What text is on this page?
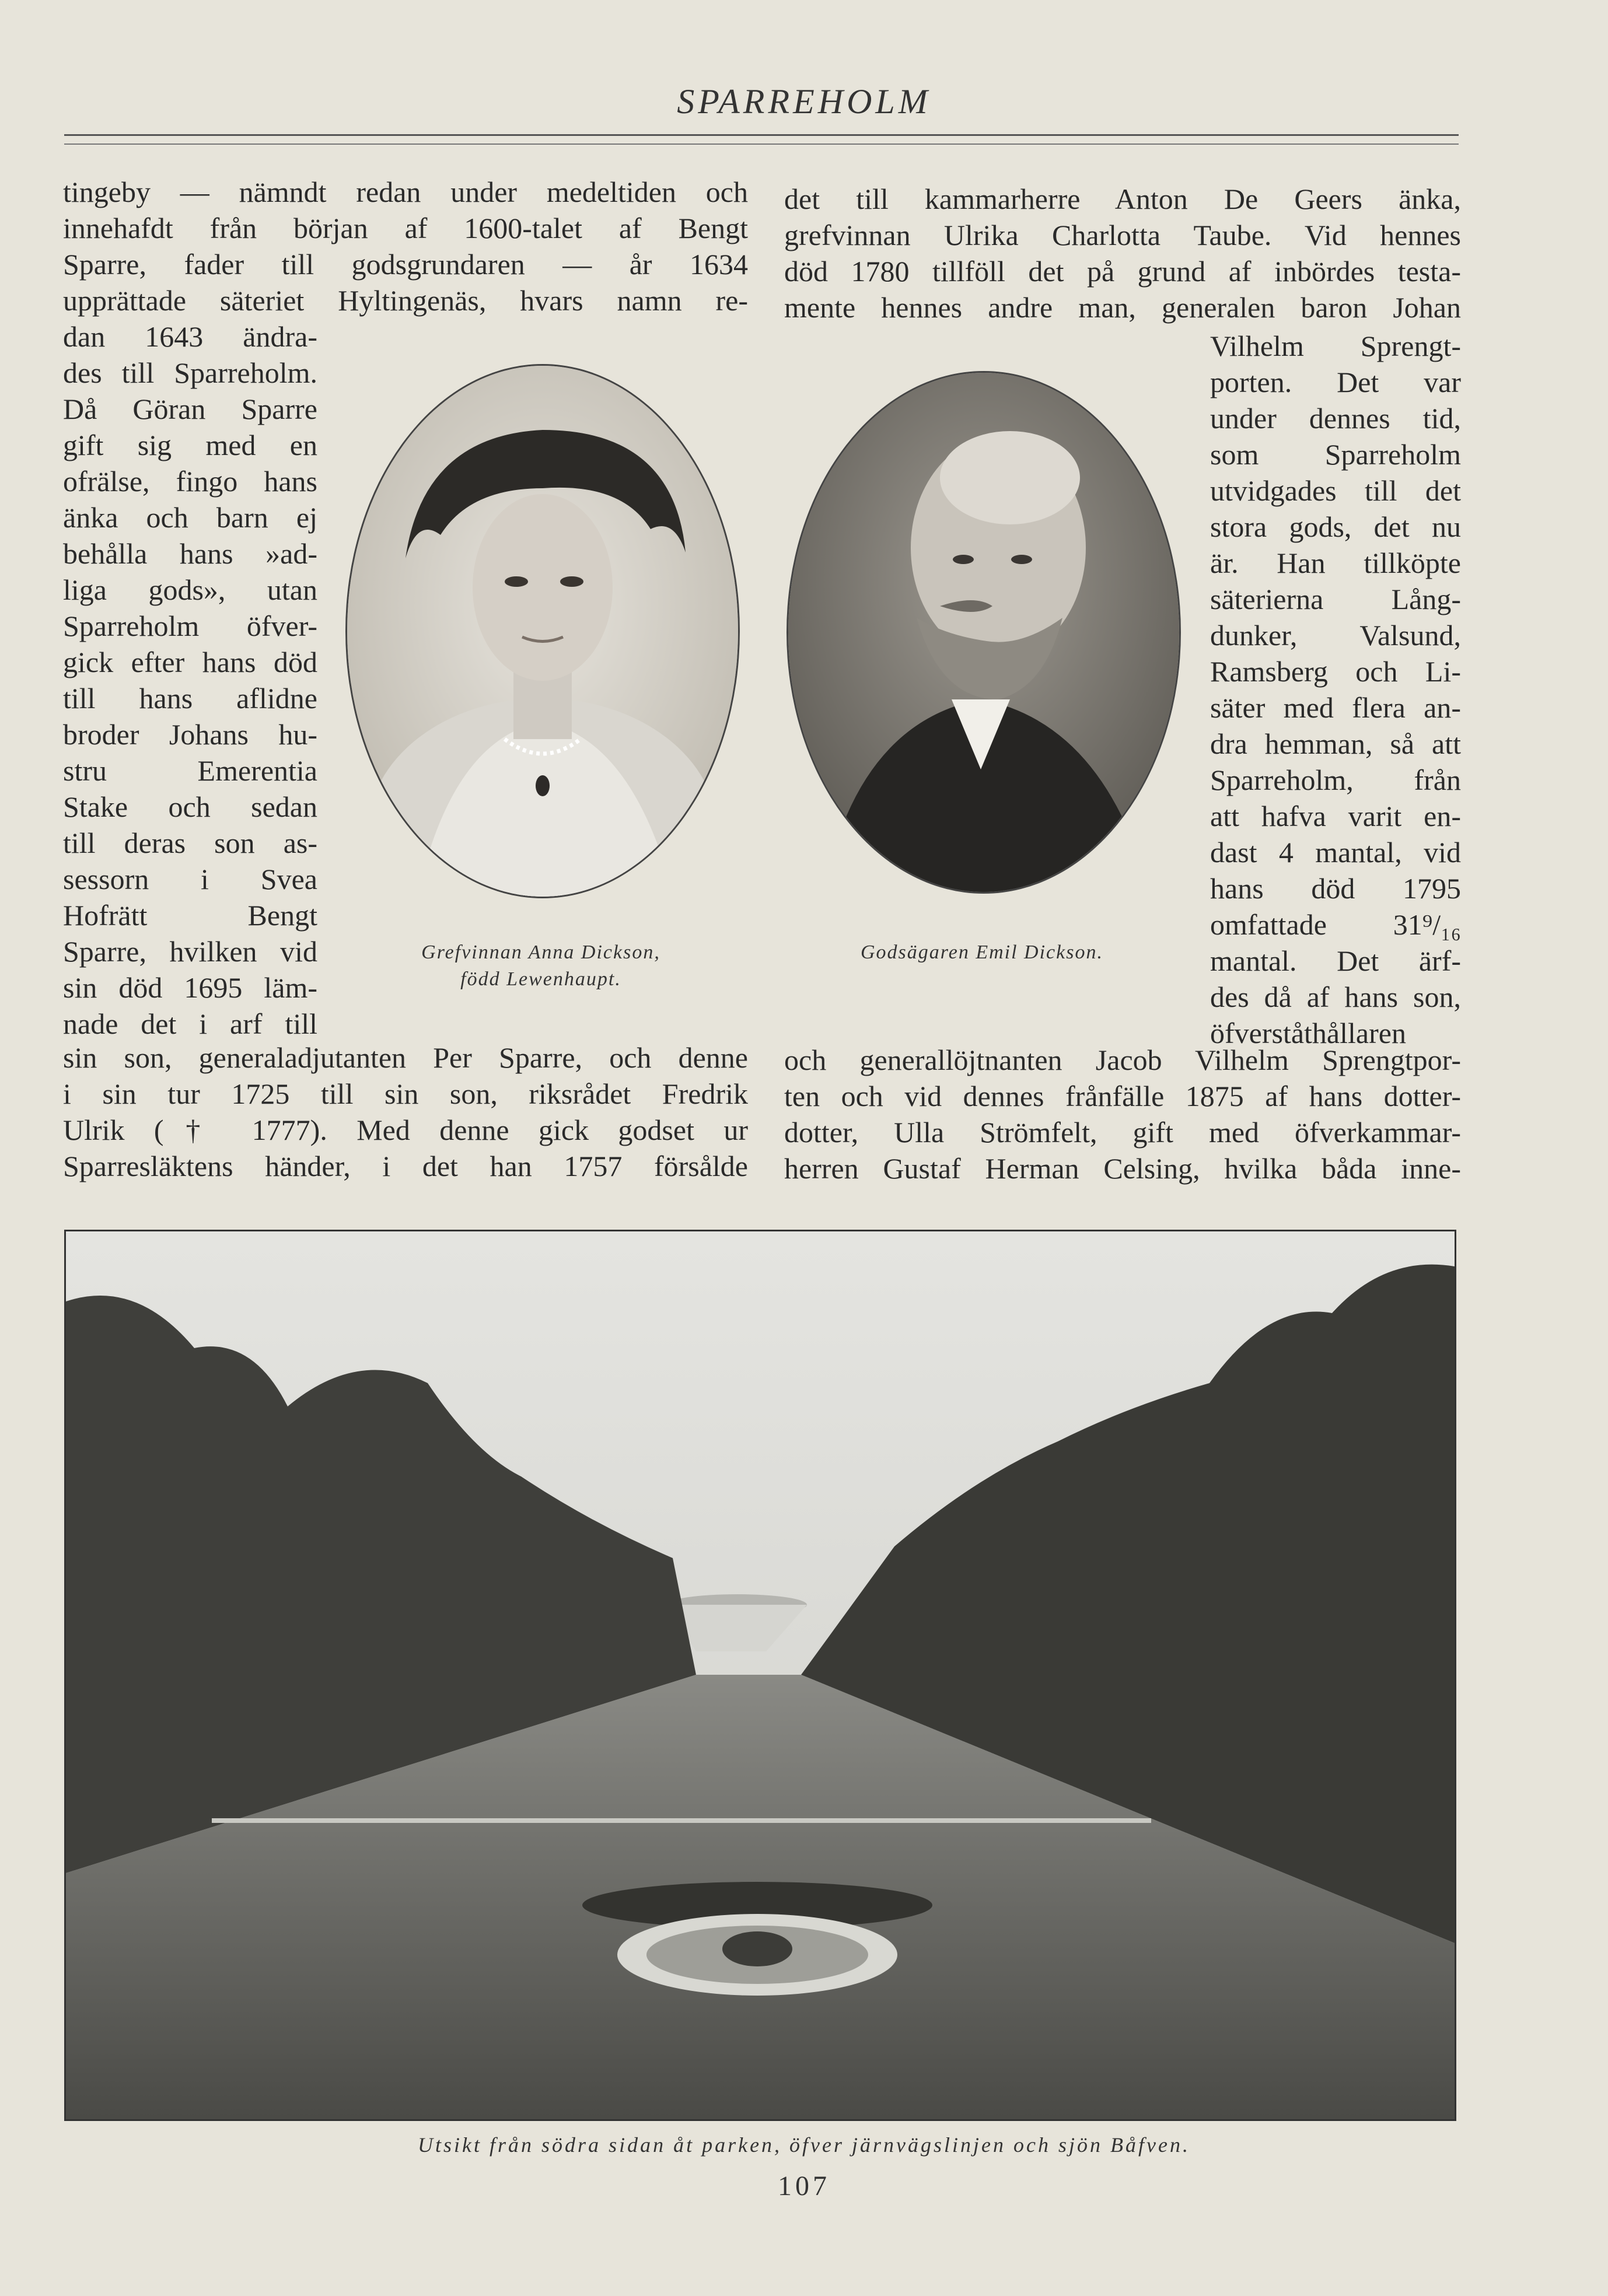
SPARREHOLM
tingeby — nämndt redan under medeltiden och
innehafdt från början af 1600-talet af Bengt
Sparre, fader till godsgrundaren — år 1634
upprättade säteriet Hyltingenäs, hvars namn re-
dan 1643 ändra-
des till Sparreholm.
Då Göran Sparre
gift sig med en
ofrälse, fingo hans
änka och barn ej
behålla hans »ad-
liga gods», utan
Sparreholm öfver-
gick efter hans död
till hans aflidne
broder Johans hu-
stru Emerentia
Stake och sedan
till deras son as-
sessorn i Svea
Hofrätt Bengt
Sparre, hvilken vid
sin död 1695 läm-
nade det i arf till
sin son, generaladjutanten Per Sparre, och denne
i sin tur 1725 till sin son, riksrådet Fredrik
Ulrik († 1777). Med denne gick godset ur
Sparresläktens händer, i det han 1757 försålde
det till kammarherre Anton De Geers änka,
grefvinnan Ulrika Charlotta Taube. Vid hennes
död 1780 tillföll det på grund af inbördes testa-
mente hennes andre man, generalen baron Johan
Vilhelm Sprengt-
porten. Det var
under dennes tid,
som Sparreholm
utvidgades till det
stora gods, det nu
är. Han tillköpte
säterierna Lång-
dunker, Valsund,
Ramsberg och Li-
säter med flera an-
dra hemman, så att
Sparreholm, från
att hafva varit en-
dast 4 mantal, vid
hans död 1795
omfattade 31⁹/₁₆
mantal. Det ärf-
des då af hans son,
öfverståthållaren
och generallöjtnanten Jacob Vilhelm Sprengtpor-
ten och vid dennes frånfälle 1875 af hans dotter-
dotter, Ulla Strömfelt, gift med öfverkammar-
herren Gustaf Herman Celsing, hvilka båda inne-
Grefvinnan Anna Dickson,
född Lewenhaupt.
Godsägaren Emil Dickson.
Utsikt från södra sidan åt parken, öfver järnvägslinjen och sjön Båfven.
107
